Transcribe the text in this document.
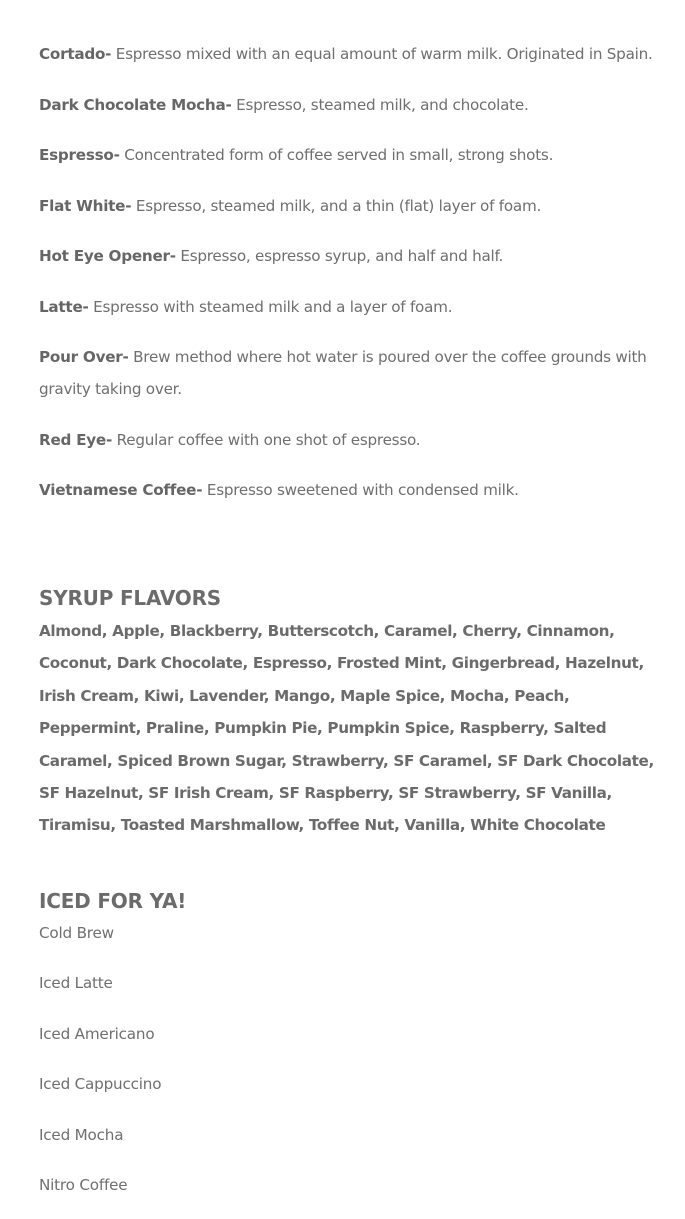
Cortado- Espresso mixed with an equal amount of warm milk. Originated in Spain.

Dark Chocolate Mocha- Espresso, steamed milk, and chocolate.

Espresso- Concentrated form of coffee served in small, strong shots.

Flat White- Espresso, steamed milk, and a thin (flat) layer of foam.

Hot Eye Opener- Espresso, espresso syrup, and half and half.

Latte- Espresso with steamed milk and a layer of foam.

Pour Over- Brew method where hot water is poured over the coffee grounds with gravity taking over.

Red Eye- Regular coffee with one shot of espresso.

Vietnamese Coffee- Espresso sweetened with condensed milk.

SYRUP FLAVORS
Almond, Apple, Blackberry, Butterscotch, Caramel, Cherry, Cinnamon, Coconut, Dark Chocolate, Espresso, Frosted Mint, Gingerbread, Hazelnut, Irish Cream, Kiwi, Lavender, Mango, Maple Spice, Mocha, Peach, Peppermint, Praline, Pumpkin Pie, Pumpkin Spice, Raspberry, Salted Caramel, Spiced Brown Sugar, Strawberry, SF Caramel, SF Dark Chocolate, SF Hazelnut, SF Irish Cream, SF Raspberry, SF Strawberry, SF Vanilla, Tiramisu, Toasted Marshmallow, Toffee Nut, Vanilla, White Chocolate
ICED FOR YA!
Cold Brew
Iced Latte
Iced Americano
Iced Cappuccino
Iced Mocha
Nitro Coffee
